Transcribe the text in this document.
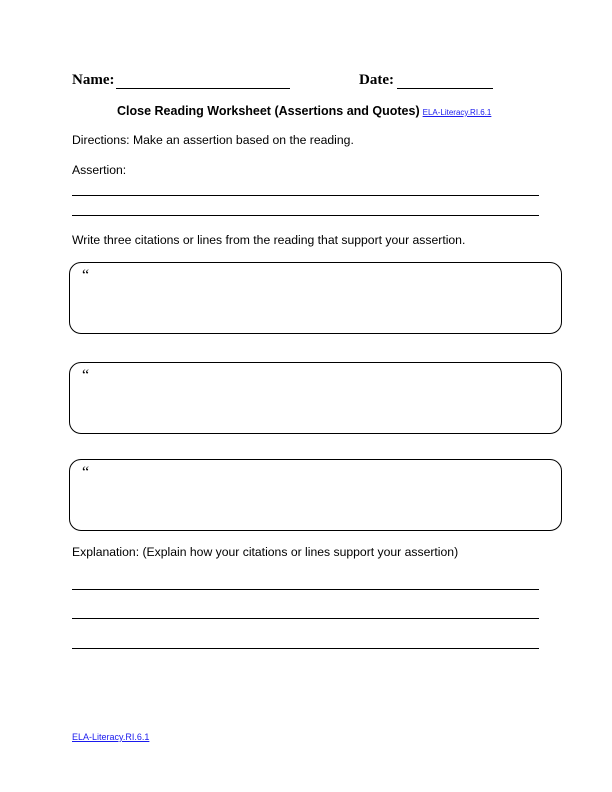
Name:	Date:
Close Reading Worksheet (Assertions and Quotes) ELA-Literacy.RI.6.1
Directions: Make an assertion based on the reading.
Assertion:
Write three citations or lines from the reading that support your assertion.
“
“
“
Explanation: (Explain how your citations or lines support your assertion)
ELA-Literacy.RI.6.1
